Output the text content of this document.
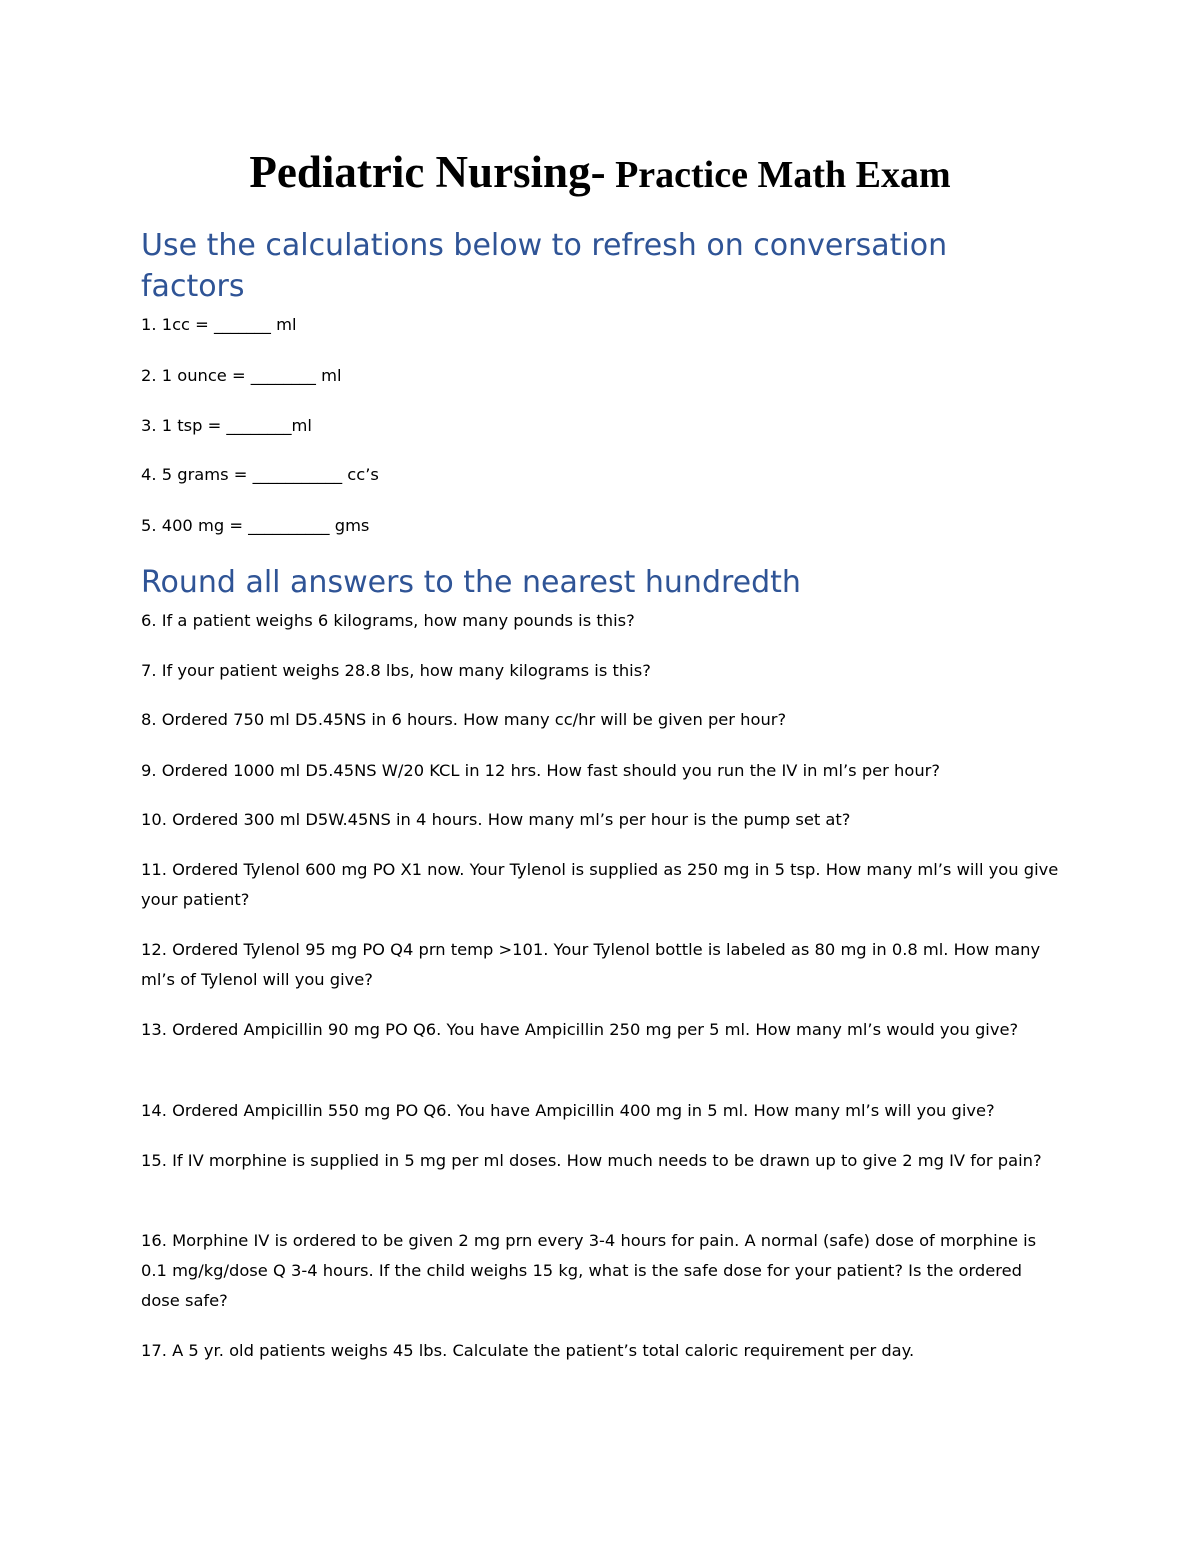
Pediatric Nursing- Practice Math Exam
Use the calculations below to refresh on conversation factors
1. 1cc = _______ ml
2. 1 ounce = ________ ml
3. 1 tsp = ________ml
4. 5 grams = ___________ cc’s
5. 400 mg = __________ gms
Round all answers to the nearest hundredth
6. If a patient weighs 6 kilograms, how many pounds is this?
7. If your patient weighs 28.8 lbs, how many kilograms is this?
8. Ordered 750 ml D5.45NS in 6 hours. How many cc/hr will be given per hour?
9. Ordered 1000 ml D5.45NS W/20 KCL in 12 hrs. How fast should you run the IV in ml’s per hour?
10. Ordered 300 ml D5W.45NS in 4 hours. How many ml’s per hour is the pump set at?
11. Ordered Tylenol 600 mg PO X1 now. Your Tylenol is supplied as 250 mg in 5 tsp. How many ml’s will you give your patient?
12. Ordered Tylenol 95 mg PO Q4 prn temp >101. Your Tylenol bottle is labeled as 80 mg in 0.8 ml. How many ml’s of Tylenol will you give?
13. Ordered Ampicillin 90 mg PO Q6. You have Ampicillin 250 mg per 5 ml. How many ml’s would you give?
14. Ordered Ampicillin 550 mg PO Q6. You have Ampicillin 400 mg in 5 ml. How many ml’s will you give?
15. If IV morphine is supplied in 5 mg per ml doses. How much needs to be drawn up to give 2 mg IV for pain?
16. Morphine IV is ordered to be given 2 mg prn every 3-4 hours for pain. A normal (safe) dose of morphine is 0.1 mg/kg/dose Q 3-4 hours. If the child weighs 15 kg, what is the safe dose for your patient? Is the ordered dose safe?
17. A 5 yr. old patients weighs 45 lbs. Calculate the patient’s total caloric requirement per day.
